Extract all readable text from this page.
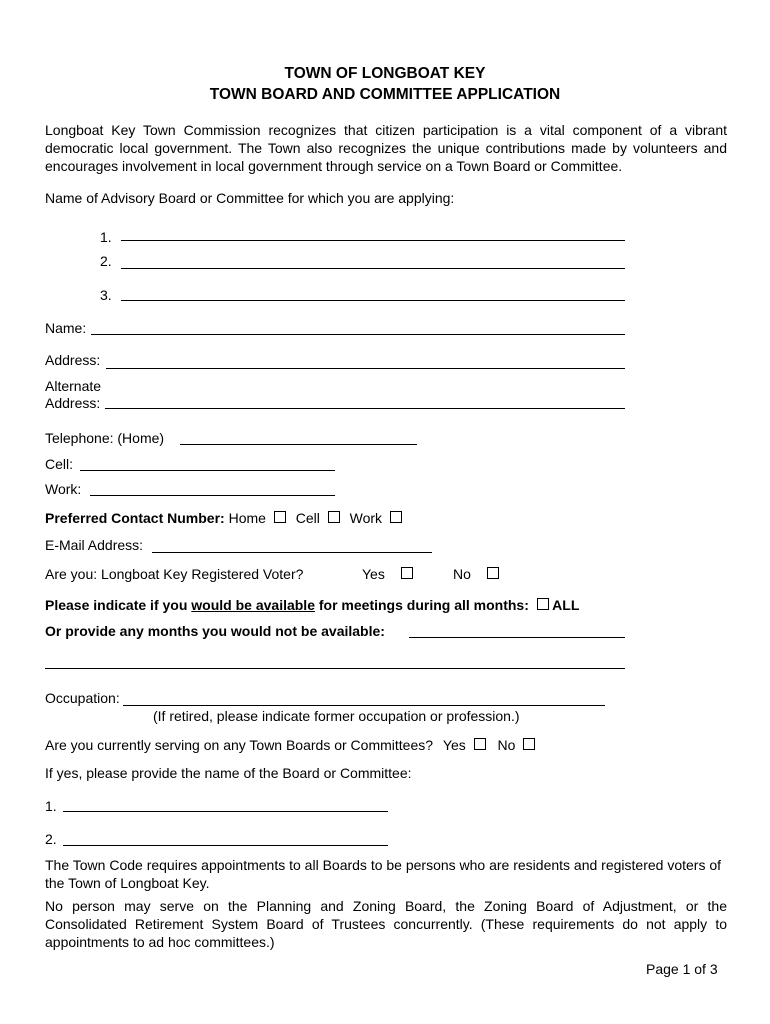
TOWN OF LONGBOAT KEY
TOWN BOARD AND COMMITTEE APPLICATION
Longboat Key Town Commission recognizes that citizen participation is a vital component of a vibrant democratic local government. The Town also recognizes the unique contributions made by volunteers and encourages involvement in local government through service on a Town Board or Committee.
Name of Advisory Board or Committee for which you are applying:
1.
2.
3.
Name:
Address:
Alternate
Address:
Telephone: (Home)
Cell:
Work:
Preferred Contact Number: Home Cell Work
E-Mail Address:
Are you: Longboat Key Registered Voter?	Yes	No
Please indicate if you would be available for meetings during all months: ALL
Or provide any months you would not be available:
Occupation:
(If retired, please indicate former occupation or profession.)
Are you currently serving on any Town Boards or Committees? Yes No
If yes, please provide the name of the Board or Committee:
1.
2.
The Town Code requires appointments to all Boards to be persons who are residents and registered voters of the Town of Longboat Key.
No person may serve on the Planning and Zoning Board, the Zoning Board of Adjustment, or the Consolidated Retirement System Board of Trustees concurrently. (These requirements do not apply to appointments to ad hoc committees.)
Page 1 of 3
